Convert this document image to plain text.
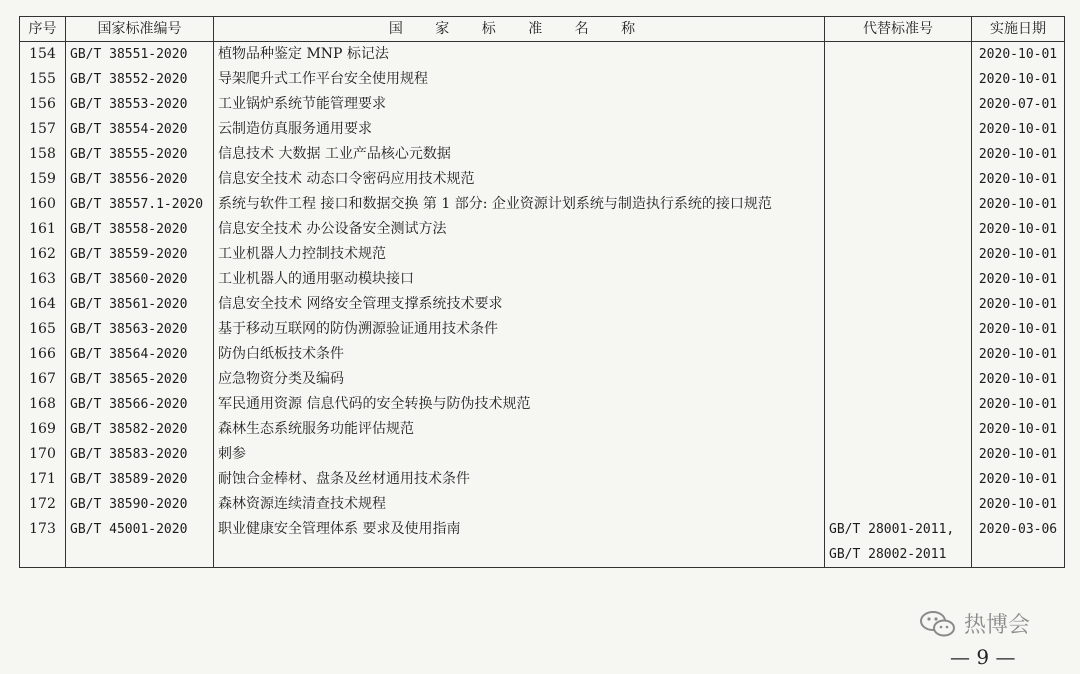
序号	国家标准编号	国 家 标 准 名 称	代替标准号	实施日期
154	GB/T 38551-2020	植物品种鉴定 MNP 标记法		2020-10-01
155	GB/T 38552-2020	导架爬升式工作平台安全使用规程		2020-10-01
156	GB/T 38553-2020	工业锅炉系统节能管理要求		2020-07-01
157	GB/T 38554-2020	云制造仿真服务通用要求		2020-10-01
158	GB/T 38555-2020	信息技术 大数据 工业产品核心元数据		2020-10-01
159	GB/T 38556-2020	信息安全技术 动态口令密码应用技术规范		2020-10-01
160	GB/T 38557.1-2020	系统与软件工程 接口和数据交换 第 1 部分: 企业资源计划系统与制造执行系统的接口规范		2020-10-01
161	GB/T 38558-2020	信息安全技术 办公设备安全测试方法		2020-10-01
162	GB/T 38559-2020	工业机器人力控制技术规范		2020-10-01
163	GB/T 38560-2020	工业机器人的通用驱动模块接口		2020-10-01
164	GB/T 38561-2020	信息安全技术 网络安全管理支撑系统技术要求		2020-10-01
165	GB/T 38563-2020	基于移动互联网的防伪溯源验证通用技术条件		2020-10-01
166	GB/T 38564-2020	防伪白纸板技术条件		2020-10-01
167	GB/T 38565-2020	应急物资分类及编码		2020-10-01
168	GB/T 38566-2020	军民通用资源 信息代码的安全转换与防伪技术规范		2020-10-01
169	GB/T 38582-2020	森林生态系统服务功能评估规范		2020-10-01
170	GB/T 38583-2020	刺参		2020-10-01
171	GB/T 38589-2020	耐蚀合金棒材、盘条及丝材通用技术条件		2020-10-01
172	GB/T 38590-2020	森林资源连续清查技术规程		2020-10-01
173	GB/T 45001-2020	职业健康安全管理体系 要求及使用指南	GB/T 28001-2011,
GB/T 28002-2011	2020-03-06
热博会
— 9 —
